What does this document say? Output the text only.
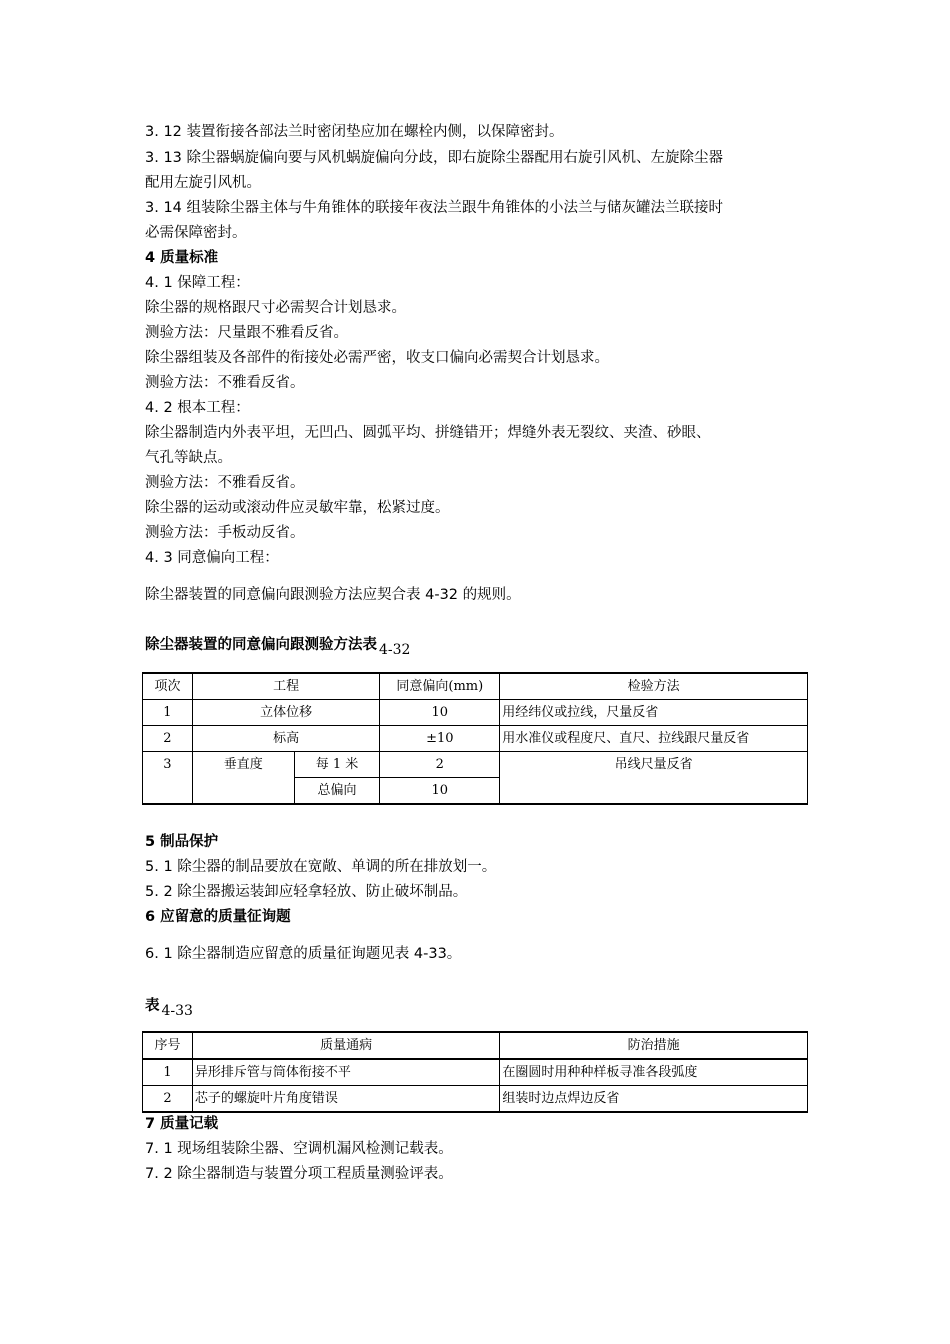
3. 12 装置衔接各部法兰时密闭垫应加在螺栓内侧，以保障密封。
3. 13 除尘器蜗旋偏向要与风机蜗旋偏向分歧，即右旋除尘器配用右旋引风机、左旋除尘器
配用左旋引风机。
3. 14 组装除尘器主体与牛角锥体的联接年夜法兰跟牛角锥体的小法兰与储灰罐法兰联接时
必需保障密封。
4 质量标准
4. 1 保障工程：
除尘器的规格跟尺寸必需契合计划恳求。
测验方法：尺量跟不雅看反省。
除尘器组装及各部件的衔接处必需严密，收支口偏向必需契合计划恳求。
测验方法：不雅看反省。
4. 2 根本工程：
除尘器制造内外表平坦，无凹凸、圆弧平均、拼缝错开；焊缝外表无裂纹、夹渣、砂眼、
气孔等缺点。
测验方法：不雅看反省。
除尘器的运动或滚动件应灵敏牢靠，松紧过度。
测验方法：手板动反省。
4. 3 同意偏向工程：
除尘器装置的同意偏向跟测验方法应契合表 4-32 的规则。
除尘器装置的同意偏向跟测验方法表 4-32
项次	工程		同意偏向(mm)	检验方法
1	立体位移		10	用经纬仪或拉线，尺量反省
2	标高		±10	用水准仪或程度尺、直尺、拉线跟尺量反省
3	垂直度	每 1 米	2	吊线尺量反省
		总偏向	10	
5 制品保护
5. 1 除尘器的制品要放在宽敞、单调的所在排放划一。
5. 2 除尘器搬运装卸应轻拿轻放、防止破坏制品。
6 应留意的质量征询题
6. 1 除尘器制造应留意的质量征询题见表 4-33。
表 4-33
序号	质量通病	防治措施
1	异形排斥管与筒体衔接不平	在圈圆时用种种样板寻准各段弧度
2	芯子的螺旋叶片角度错误	组装时边点焊边反省
7 质量记载
7. 1 现场组装除尘器、空调机漏风检测记载表。
7. 2 除尘器制造与装置分项工程质量测验评表。
